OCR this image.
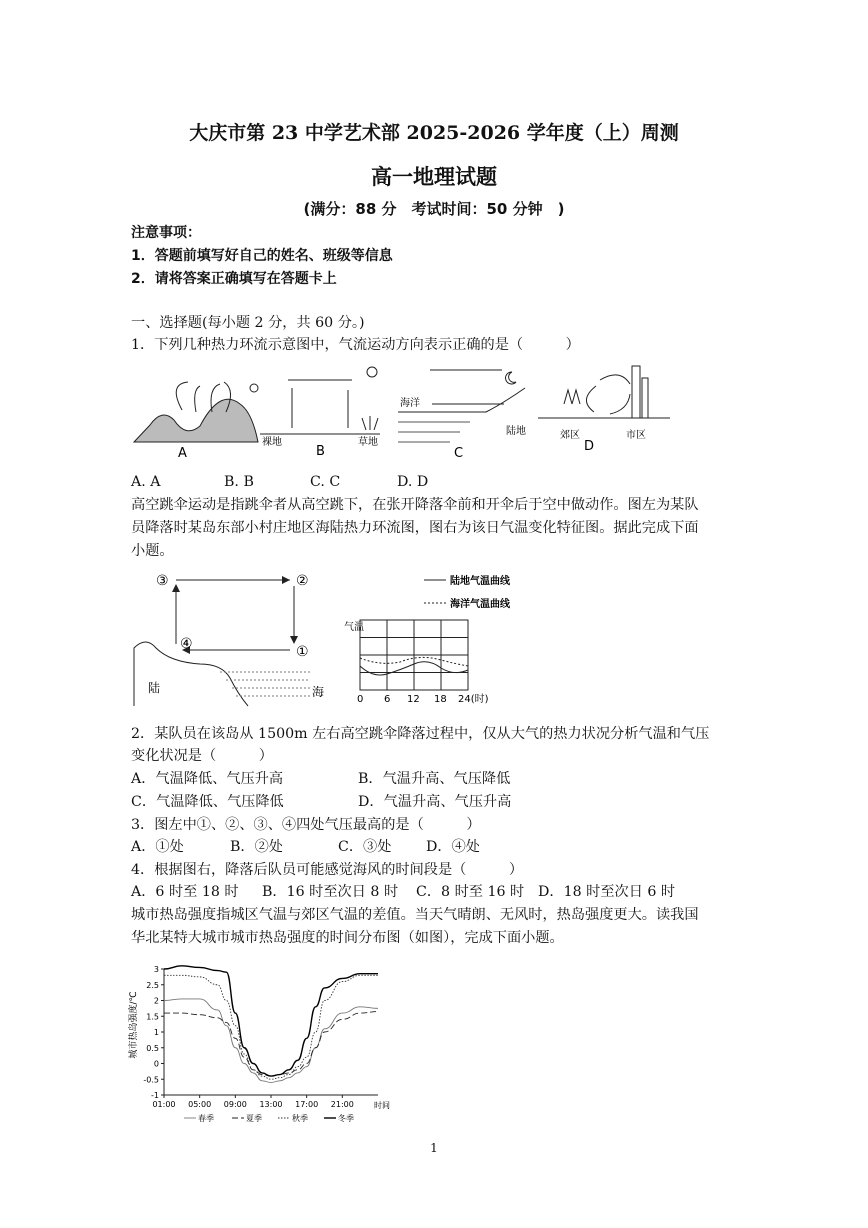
大庆市第 23 中学艺术部 2025-2026 学年度（上）周测
高一地理试题
(满分：88 分　考试时间：50 分钟　)
注意事项：
1．答题前填写好自己的姓名、班级等信息
2．请将答案正确填写在答题卡上
一、选择题(每小题 2 分，共 60 分。)
1．下列几种热力环流示意图中，气流运动方向表示正确的是（　　　）
A
裸地	草地
B
海洋
陆地
C
郊区	市区
D
A. A	B. B	C. C	D. D
高空跳伞运动是指跳伞者从高空跳下，在张开降落伞前和开伞后于空中做动作。图左为某队
员降落时某岛东部小村庄地区海陆热力环流图，图右为该日气温变化特征图。据此完成下面
小题。
③	②
④	①
陆	海
陆地气温曲线
海洋气温曲线
气温
0 6 12 18 24(时)
2．某队员在该岛从 1500m 左右高空跳伞降落过程中，仅从大气的热力状况分析气温和气压
变化状况是（　　　）
A．气温降低、气压升高	B．气温升高、气压降低
C．气温降低、气压降低	D．气温升高、气压升高
3．图左中①、②、③、④四处气压最高的是（　　　）
A．①处	B．②处	C．③处 D．④处
4．根据图右，降落后队员可能感觉海风的时间段是（　　　）
A．6 时至 18 时 B．16 时至次日 8 时 C．8 时至 16 时 D．18 时至次日 6 时
城市热岛强度指城区气温与郊区气温的差值。当天气晴朗、无风时，热岛强度更大。读我国
华北某特大城市城市热岛强度的时间分布图（如图），完成下面小题。
3
2.5
2
1.5
1
0.5
0
-0.5
-1
01:00 05:00 09:00 13:00 17:00 21:00
城市热岛强度/℃
时间
春季	夏季	秋季	冬季
1
